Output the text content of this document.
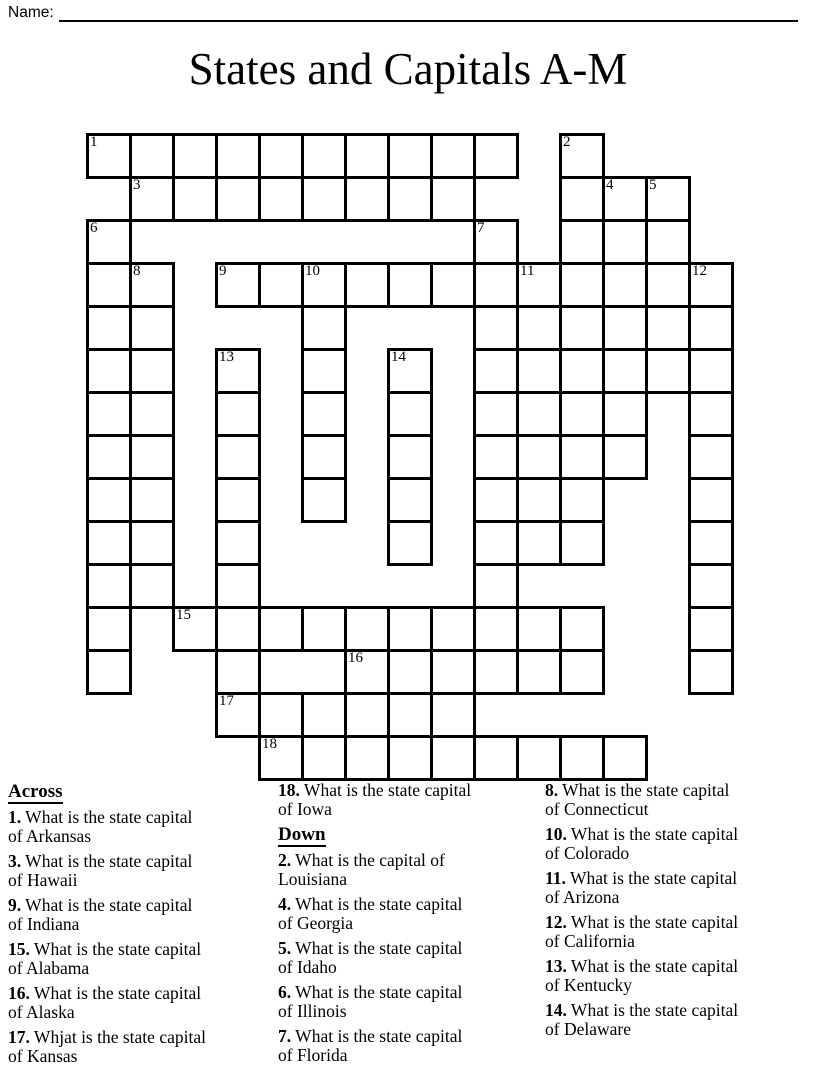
Name:
States and Capitals A-M
1	2
3	4 5
6	7
8	9	10	11	12
13	14
15
16
17
18
Across

1. What is the state capital
of Arkansas

3. What is the state capital
of Hawaii

9. What is the state capital
of Indiana

15. What is the state capital
of Alabama

16. What is the state capital
of Alaska

17. Whjat is the state capital
of Kansas

18. What is the state capital
of Iowa

Down

2. What is the capital of
Louisiana

4. What is the state capital
of Georgia

5. What is the state capital
of Idaho

6. What is the state capital
of Illinois

7. What is the state capital
of Florida

8. What is the state capital
of Connecticut

10. What is the state capital
of Colorado

11. What is the state capital
of Arizona

12. What is the state capital
of California

13. What is the state capital
of Kentucky

14. What is the state capital
of Delaware
